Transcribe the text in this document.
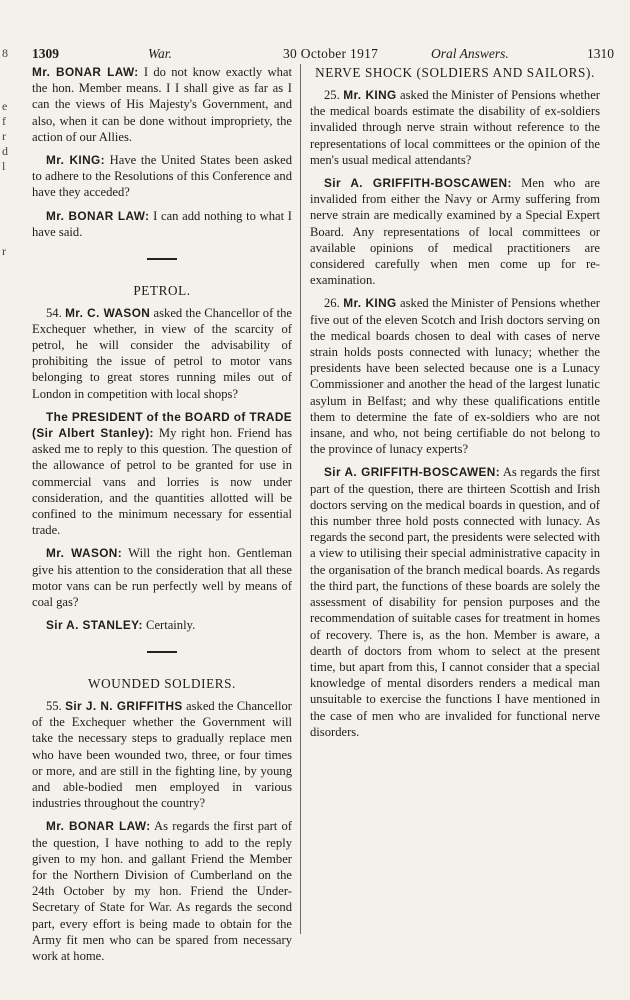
8
e
f
r
d
l
r
1309	War.	30 October 1917	Oral Answers.	1310

Mr. BONAR LAW: I do not know exactly what the hon. Member means. I I shall give as far as I can the views of His Majesty's Government, and also, when it can be done without impropriety, the action of our Allies.

Mr. KING: Have the United States been asked to adhere to the Resolutions of this Conference and have they acceded?

Mr. BONAR LAW: I can add nothing to what I have said.

PETROL.

54. Mr. C. WASON asked the Chancellor of the Exchequer whether, in view of the scarcity of petrol, he will consider the advisability of prohibiting the issue of petrol to motor vans belonging to great stores running miles out of London in competition with local shops?

The PRESIDENT of the BOARD of TRADE (Sir Albert Stanley): My right hon. Friend has asked me to reply to this question. The question of the allowance of petrol to be granted for use in commercial vans and lorries is now under consideration, and the quantities allotted will be confined to the minimum necessary for essential trade.

Mr. WASON: Will the right hon. Gentleman give his attention to the consideration that all these motor vans can be run perfectly well by means of coal gas?

Sir A. STANLEY: Certainly.

WOUNDED SOLDIERS.

55. Sir J. N. GRIFFITHS asked the Chancellor of the Exchequer whether the Government will take the necessary steps to gradually replace men who have been wounded two, three, or four times or more, and are still in the fighting line, by young and able-bodied men employed in various industries throughout the country?

Mr. BONAR LAW: As regards the first part of the question, I have nothing to add to the reply given to my hon. and gallant Friend the Member for the Northern Division of Cumberland on the 24th October by my hon. Friend the Under-Secretary of State for War. As regards the second part, every effort is being made to obtain for the Army fit men who can be spared from necessary work at home.

NERVE SHOCK (SOLDIERS AND SAILORS).

25. Mr. KING asked the Minister of Pensions whether the medical boards estimate the disability of ex-soldiers invalided through nerve strain without reference to the representations of local committees or the opinion of the men's usual medical attendants?

Sir A. GRIFFITH-BOSCAWEN: Men who are invalided from either the Navy or Army suffering from nerve strain are medically examined by a Special Expert Board. Any representations of local committees or available opinions of medical practitioners are considered carefully when men come up for re-examination.

26. Mr. KING asked the Minister of Pensions whether five out of the eleven Scotch and Irish doctors serving on the medical boards chosen to deal with cases of nerve strain holds posts connected with lunacy; whether the presidents have been selected because one is a Lunacy Commissioner and another the head of the largest lunatic asylum in Belfast; and why these qualifications entitle them to determine the fate of ex-soldiers who are not insane, and who, not being certifiable do not belong to the province of lunacy experts?

Sir A. GRIFFITH-BOSCAWEN: As regards the first part of the question, there are thirteen Scottish and Irish doctors serving on the medical boards in question, and of this number three hold posts connected with lunacy. As regards the second part, the presidents were selected with a view to utilising their special administrative capacity in the organisation of the branch medical boards. As regards the third part, the functions of these boards are solely the assessment of disability for pension purposes and the recommendation of suitable cases for treatment in homes of recovery. There is, as the hon. Member is aware, a dearth of doctors from whom to select at the present time, but apart from this, I cannot consider that a special knowledge of mental disorders renders a medical man unsuitable to exercise the functions I have mentioned in the case of men who are invalided for functional nerve disorders.
